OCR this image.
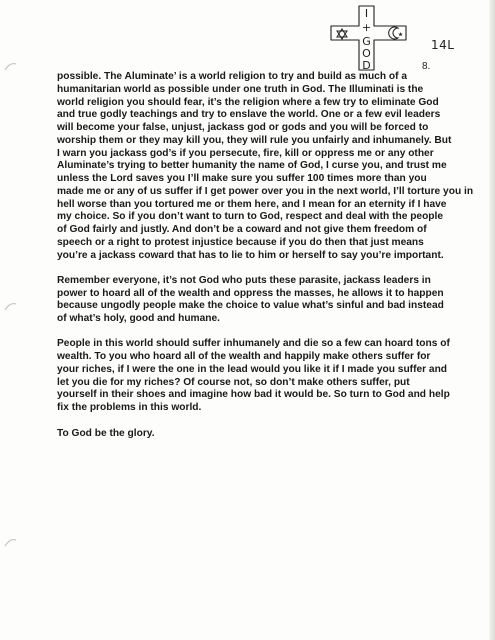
I
+
G
O
D
14L
8.

possible. The Aluminate’ is a world religion to try and build as much of a
humanitarian world as possible under one truth in God. The Illuminati is the
world religion you should fear, it’s the religion where a few try to eliminate God
and true godly teachings and try to enslave the world. One or a few evil leaders
will become your false, unjust, jackass god or gods and you will be forced to
worship them or they may kill you, they will rule you unfairly and inhumanely. But
I warn you jackass god’s if you persecute, fire, kill or oppress me or any other
Aluminate’s trying to better humanity the name of God, I curse you, and trust me
unless the Lord saves you I’ll make sure you suffer 100 times more than you
made me or any of us suffer if I get power over you in the next world, I’ll torture you in
hell worse than you tortured me or them here, and I mean for an eternity if I have
my choice. So if you don’t want to turn to God, respect and deal with the people
of God fairly and justly. And don’t be a coward and not give them freedom of
speech or a right to protest injustice because if you do then that just means
you’re a jackass coward that has to lie to him or herself to say you’re important.

Remember everyone, it’s not God who puts these parasite, jackass leaders in
power to hoard all of the wealth and oppress the masses, he allows it to happen
because ungodly people make the choice to value what’s sinful and bad instead
of what’s holy, good and humane.

People in this world should suffer inhumanely and die so a few can hoard tons of
wealth. To you who hoard all of the wealth and happily make others suffer for
your riches, if I were the one in the lead would you like it if I made you suffer and
let you die for my riches? Of course not, so don’t make others suffer, put
yourself in their shoes and imagine how bad it would be. So turn to God and help
fix the problems in this world.

To God be the glory.
